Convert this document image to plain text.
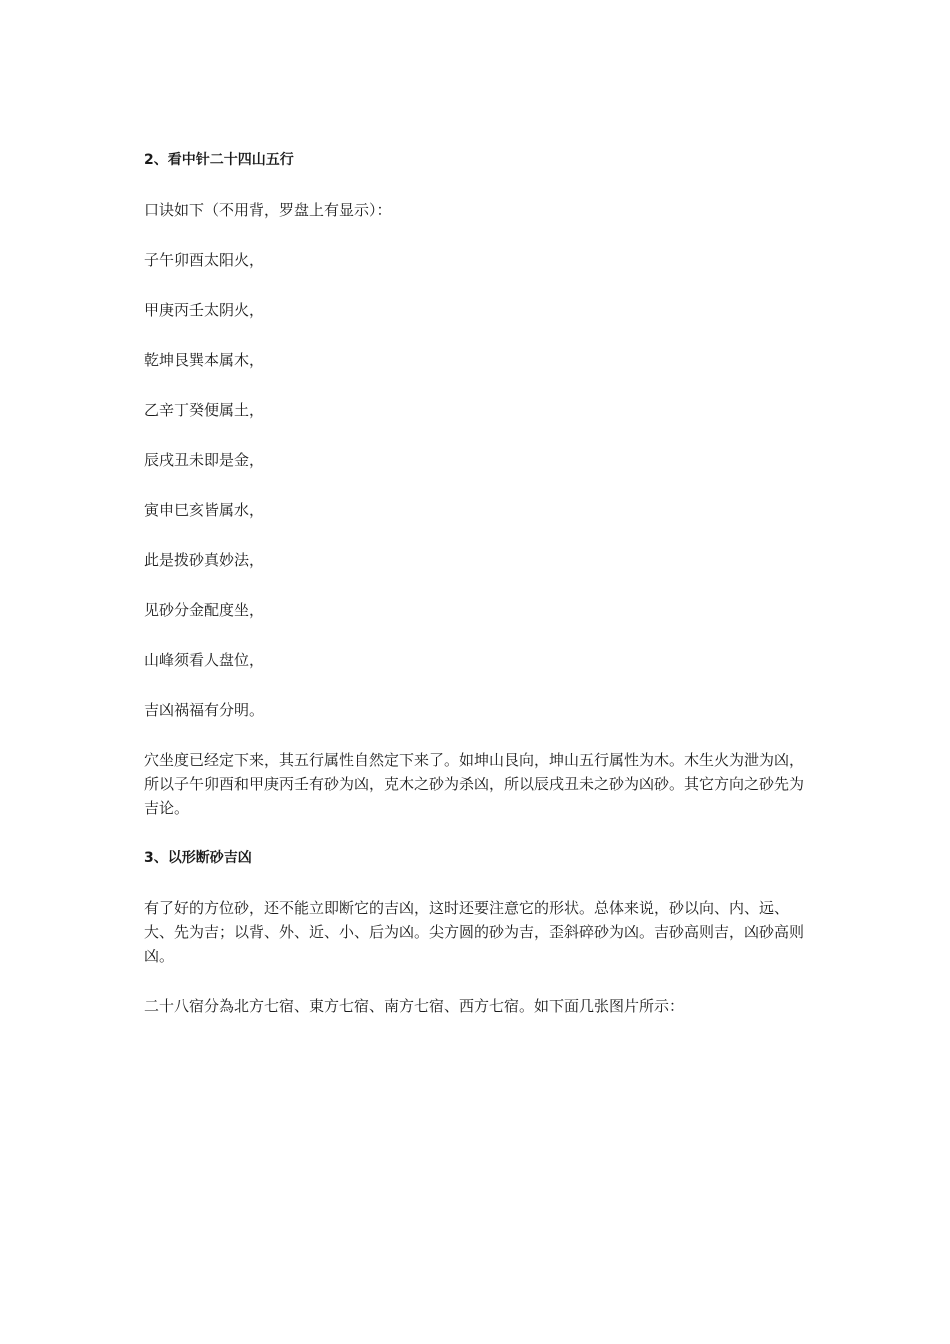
2、看中针二十四山五行
口诀如下（不用背，罗盘上有显示）：
子午卯酉太阳火，
甲庚丙壬太阴火，
乾坤艮巽本属木，
乙辛丁癸便属土，
辰戌丑未即是金，
寅申巳亥皆属水，
此是拨砂真妙法，
见砂分金配度坐，
山峰须看人盘位，
吉凶祸福有分明。
穴坐度已经定下来，其五行属性自然定下来了。如坤山艮向，坤山五行属性为木。木生火为泄为凶，所以子午卯酉和甲庚丙壬有砂为凶，克木之砂为杀凶，所以辰戌丑未之砂为凶砂。其它方向之砂先为吉论。
3、以形断砂吉凶
有了好的方位砂，还不能立即断它的吉凶，这时还要注意它的形状。总体来说，砂以向、内、远、大、先为吉；以背、外、近、小、后为凶。尖方圆的砂为吉，歪斜碎砂为凶。吉砂高则吉，凶砂高则凶。
二十八宿分為北方七宿、東方七宿、南方七宿、西方七宿。如下面几张图片所示：
